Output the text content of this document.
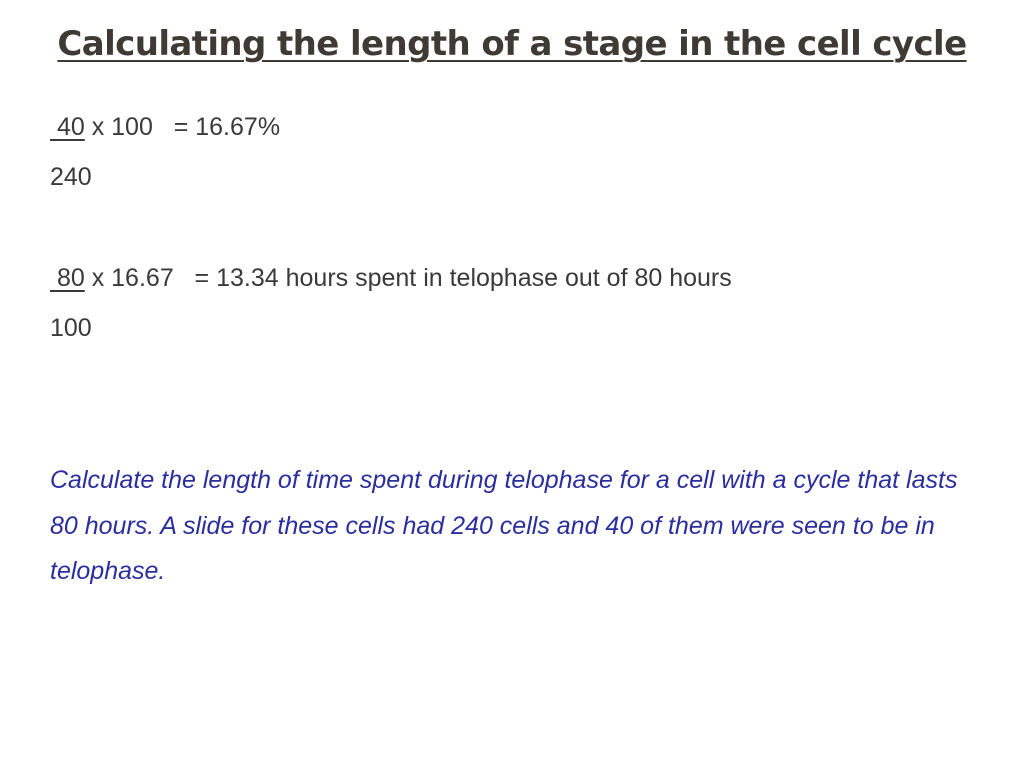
Calculating the length of a stage in the cell cycle
40 x 100   = 16.67%
240
80 x 16.67   = 13.34 hours spent in telophase out of 80 hours
100
Calculate the length of time spent during telophase for a cell with a cycle that lasts 80 hours. A slide for these cells had 240 cells and 40 of them were seen to be in telophase.
